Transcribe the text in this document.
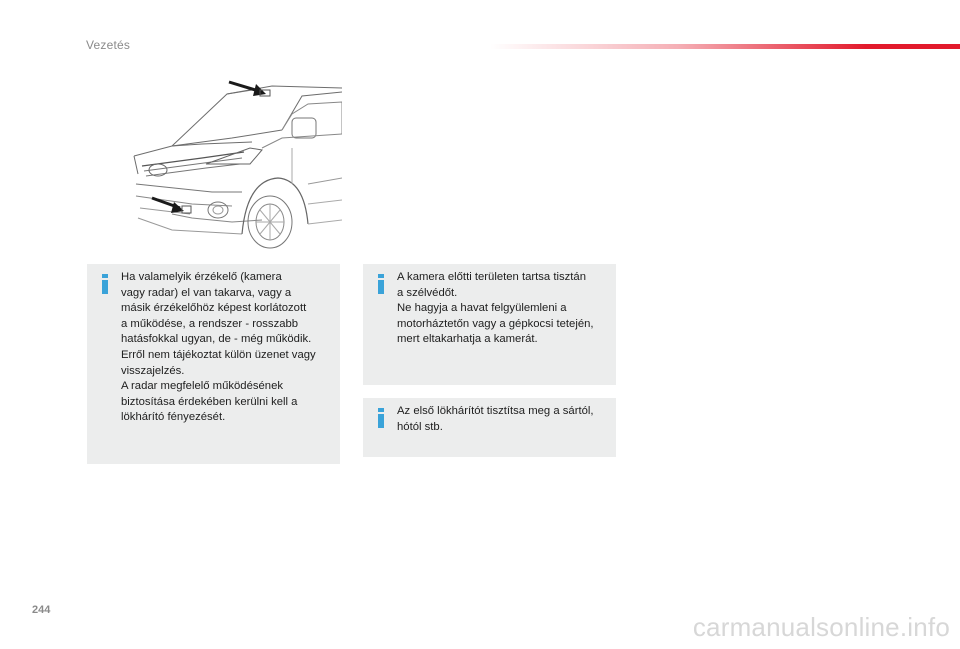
Vezetés
Ha valamelyik érzékelő (kamera
vagy radar) el van takarva, vagy a
másik érzékelőhöz képest korlátozott
a működése, a rendszer - rosszabb
hatásfokkal ugyan, de - még működik.
Erről nem tájékoztat külön üzenet vagy
visszajelzés.
A radar megfelelő működésének
biztosítása érdekében kerülni kell a
lökhárító fényezését.
A kamera előtti területen tartsa tisztán
a szélvédőt.
Ne hagyja a havat felgyülemleni a
motorháztetőn vagy a gépkocsi tetején,
mert eltakarhatja a kamerát.
Az első lökhárítót tisztítsa meg a sártól,
hótól stb.
244
carmanualsonline.info
